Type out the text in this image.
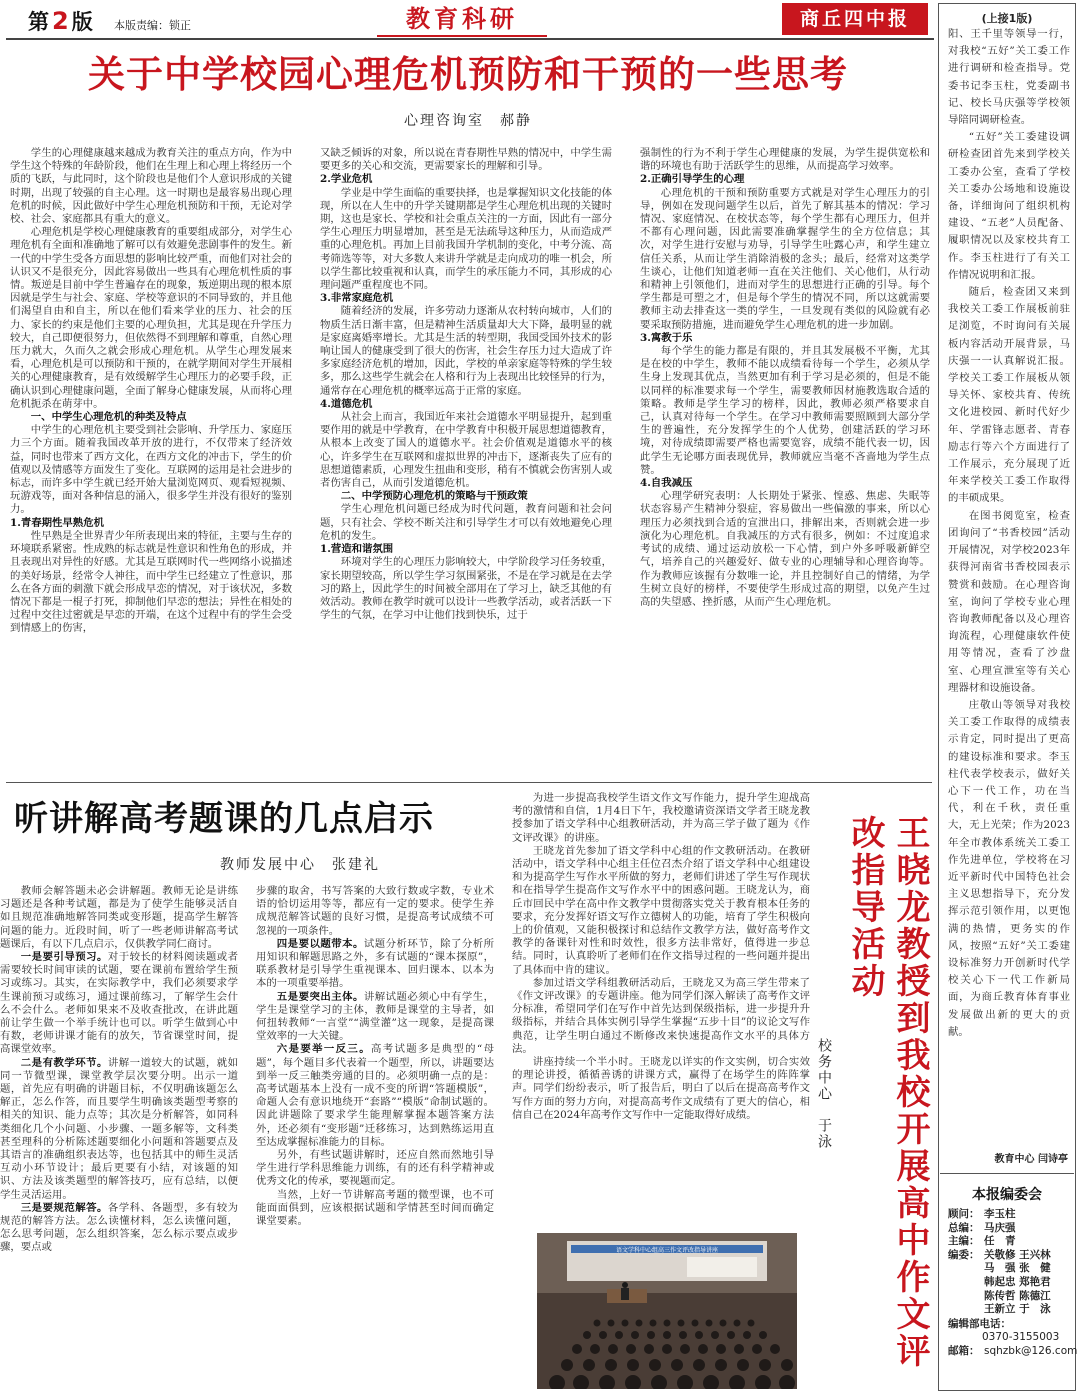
第 2 版 本版责编：锁正	教育科研	商丘四中报	(上接1版)

阳、王千里等领导一行，对我校“五好”关工委工作进行调研和检查指导。党委书记李玉柱，党委副书记、校长马庆强等学校领导陪同调研检查。

“五好”关工委建设调研检查团首先来到学校关工委办公室，查看了学校关工委办公场地和设施设备，详细询问了组织机构建设、“五老”人员配备、履职情况以及家校共育工作。李玉柱进行了有关工作情况说明和汇报。

随后，检查团又来到我校关工委工作展板前驻足浏览，不时询问有关展板内容活动开展背景，马庆强一一认真解说汇报。学校关工委工作展板从领导关怀、家校共育、传统文化进校园、新时代好少年、学雷锋志愿者、青春励志行等六个方面进行了工作展示，充分展现了近年来学校关工委工作取得的丰硕成果。

在图书阅览室，检查团询问了“书香校园”活动开展情况，对学校2023年获得河南省书香校园表示赞赏和鼓励。在心理咨询室，询问了学校专业心理咨询教师配备以及心理咨询流程，心理健康软件使用等情况，查看了沙盘室、心理宣泄室等有关心理器材和设施设备。

庄敬山等领导对我校关工委工作取得的成绩表示肯定，同时提出了更高的建设标准和要求。李玉柱代表学校表示，做好关心下一代工作，功在当代，利在千秋，责任重大，无上光荣；作为2023年全市教体系统关工委工作先进单位，学校将在习近平新时代中国特色社会主义思想指导下，充分发挥示范引领作用，以更饱满的热情，更务实的作风，按照“五好”关工委建设标准努力开创新时代学校关心下一代工作新局面，为商丘教育体育事业发展做出新的更大的贡献。

教育中心 闫诗亭
本报编委会
顾问： 李玉柱
总编： 马庆强
主编： 任　青
编委： 关敬修 王兴林
马　强 张　健
韩起忠 郑艳君
陈传哲 陈德江
王新立 于　泳
编辑部电话：
0370-3155003
邮箱： sqhzbk@126.com
关于中学校园心理危机预防和干预的一些思考
心理咨询室　郝静

学生的心理健康越来越成为教育关注的重点方向，作为中学生这个特殊的年龄阶段，他们在生理上和心理上将经历一个质的飞跃，与此同时，这个阶段也是他们个人意识形成的关键时期，出现了较强的自主心理。这一时期也是最容易出现心理危机的时候，因此做好中学生心理危机预防和干预，无论对学校、社会、家庭都具有重大的意义。

心理危机是学校心理健康教育的重要组成部分，对学生心理危机有全面和准确地了解可以有效避免悲剧事件的发生。新一代的中学生受各方面思想的影响比较严重，而他们对社会的认识又不是很充分，因此容易做出一些具有心理危机性质的事情。叛逆是目前中学生普遍存在的现象，叛逆期出现的根本原因就是学生与社会、家庭、学校等意识的不同导致的，并且他们渴望自由和自主，所以在他们看来学业的压力、社会的压力、家长的约束是他们主要的心理负担，尤其是现在升学压力较大，自己即便很努力，但依然得不到理解和尊重，自然心理压力就大，久而久之就会形成心理危机。从学生心理发展来看，心理危机是可以预防和干预的，在就学期间对学生开展相关的心理健康教育，是有效缓解学生心理压力的必要手段，正确认识到心理健康问题，全面了解身心健康发展，从而将心理危机扼杀在萌芽中。

一、中学生心理危机的种类及特点

中学生的心理危机主要受到社会影响、升学压力、家庭压力三个方面。随着我国改革开放的进行，不仅带来了经济效益，同时也带来了西方文化，在西方文化的冲击下，学生的价值观以及情感等方面发生了变化。互联网的运用是社会进步的标志，而许多中学生就已经开始大量浏览网页、观看短视频、玩游戏等，面对各种信息的涌入，很多学生并没有很好的鉴别力。

1.青春期性早熟危机

性早熟是全世界青少年所表现出来的特征，主要与生存的环境联系紧密。性成熟的标志就是性意识和性角色的形成，并且表现出对异性的好感。尤其是互联网时代一些网络小说描述的美好场景，经常令人神往，而中学生已经建立了性意识，那么在各方面的刺激下就会形成早恋的情况，对于该状况，多数情况下都是一棍子打死，抑制他们早恋的想法；异性在相处的过程中交往过密就是早恋的开端，在这个过程中有的学生会受到情感上的伤害，

又缺乏倾诉的对象，所以说在青春期性早熟的情况中，中学生需要更多的关心和交流，更需要家长的理解和引导。

2.学业危机

学业是中学生面临的重要抉择，也是掌握知识文化技能的体现，所以在人生中的升学关键期都是学生心理危机出现的关键时期，这也是家长、学校和社会重点关注的一方面，因此有一部分学生心理压力明显增加，甚至是无法疏导这种压力，从而造成严重的心理危机。再加上目前我国升学机制的变化，中考分流、高考筛选等等，对大多数人来讲升学就是走向成功的唯一机会，所以学生都比较重视和认真，而学生的承压能力不同，其形成的心理问题严重程度也不同。

3.非常家庭危机

随着经济的发展，许多劳动力逐渐从农村转向城市，人们的物质生活日渐丰富，但是精神生活质量却大大下降，最明显的就是家庭离婚率增长。尤其是生活的转型期，我国受国外技术的影响让国人的健康受到了很大的伤害，社会生存压力过大造成了许多家庭经济危机的增加，因此，学校的单亲家庭等特殊的学生较多，那么这些学生就会在人格和行为上表现出比较怪异的行为，通常存在心理危机的概率远高于正常的家庭。

4.道德危机

从社会上而言，我国近年来社会道德水平明显提升，起到重要作用的就是中学教育，在中学教育中积极开展思想道德教育，从根本上改变了国人的道德水平。社会价值观是道德水平的核心，许多学生在互联网和虚拟世界的冲击下，逐渐丧失了应有的思想道德素质，心理发生扭曲和变形，稍有不慎就会伤害别人或者伤害自己，从而引发道德危机。

二、中学预防心理危机的策略与干预政策

学生心理危机问题已经成为时代问题，教育问题和社会问题，只有社会、学校不断关注和引导学生才可以有效地避免心理危机的发生。

1.营造和谐氛围

环境对学生的心理压力影响较大，中学阶段学习任务较重，家长期望较高，所以学生学习氛围紧张，不是在学习就是在去学习的路上，因此学生的时间被全部用在了学习上，缺乏其他的有效活动。教师在教学时就可以设计一些教学活动，或者活跃一下学生的气氛，在学习中让他们找到快乐，过于

强制性的行为不利于学生心理健康的发展，为学生提供宽松和谐的环境也有助于活跃学生的思维，从而提高学习效率。

2.正确引导学生的心理

心理危机的干预和预防重要方式就是对学生心理压力的引导，例如在发现问题学生以后，首先了解其基本的情况：学习情况、家庭情况、在校状态等，每个学生都有心理压力，但并不都有心理问题，因此需要准确掌握学生的全方位信息；其次，对学生进行安慰与劝导，引导学生吐露心声，和学生建立信任关系，从而让学生消除消极的念头；最后，经常对这类学生谈心，让他们知道老师一直在关注他们、关心他们，从行动和精神上引领他们，进而对学生的思想进行正确的引导。每个学生都是可塑之才，但是每个学生的情况不同，所以这就需要教师主动去排查这一类的学生，一旦发现有类似的风险就有必要采取预防措施，进而避免学生心理危机的进一步加剧。

3.寓教于乐

每个学生的能力都是有限的，并且其发展极不平衡，尤其是在校的中学生，教师不能以成绩看待每一个学生，必须从学生身上发现其优点，当然更加有利于学习是必须的，但是不能以同样的标准要求每一个学生，需要教师因材施教选取合适的策略。教师是学生学习的榜样，因此，教师必须严格要求自己，认真对待每一个学生。在学习中教师需要照顾到大部分学生的普遍性，充分发挥学生的个人优势，创建活跃的学习环境，对待成绩即需要严格也需要宽容，成绩不能代表一切，因此学生无论哪方面表现优异，教师就应当毫不吝啬地为学生点赞。

4.自我减压

心理学研究表明：人长期处于紧张、惶惑、焦虑、失眠等状态容易产生精神分裂症，容易做出一些偏激的事来，所以心理压力必须找到合适的宣泄出口，排解出来，否则就会进一步演化为心理危机。自我减压的方式有很多，例如：不过度追求考试的成绩、通过运动放松一下心情，到户外多呼吸新鲜空气，培养自己的兴趣爱好、做专业的心理辅导和心理咨询等。作为教师应该握有分数唯一论，并且控制好自己的情绪，为学生树立良好的榜样，不要使学生形成过高的期望，以免产生过高的失望感、挫折感，从而产生心理危机。

听讲解高考题课的几点启示
教师发展中心　张建礼

教师会解答题未必会讲解题。教师无论是讲练习题还是各种考试题，都是为了使学生能够灵活自如且规范准确地解答同类或变形题，提高学生解答问题的能力。近段时间，听了一些老师讲解高考试题课后，有以下几点启示，仅供教学同仁商讨。

一是要引导预习。对于较长的材料阅读题或者需要较长时间审读的试题，要在课前布置给学生预习或练习。其实，在实际教学中，我们必须要求学生课前预习或练习，通过课前练习，了解学生会什么不会什么。老师如果来不及收查批改，在讲此题前让学生做一个举手统计也可以。听学生做到心中有数，老师讲课才能有的放矢，节省课堂时间，提高课堂效率。

二是有教学环节。讲解一道较大的试题，就如同一节微型课，课堂教学层次要分明。出示一道题，首先应有明确的讲题目标，不仅明确该题怎么解正，怎么作答，而且要学生明确该类题型考察的相关的知识、能力点等；其次是分析解答，如同科类细化几个小问题、小步骤、一题多解等，文科类甚至理科的分析陈述题要细化小问题和答题要点及其语言的准确组织表达等，也包括其中的师生灵活互动小环节设计；最后更要有小结，对该题的知识、方法及该类题型的解答技巧，应有总结，以便学生灵活运用。

三是要规范解答。各学科、各题型，多有较为规范的解答方法。怎么读懂材料，怎么读懂问题，怎么思考问题，怎么组织答案，怎么标示要点或步骤，要点或

步骤的取舍，书写答案的大致行数或字数，专业术语的恰切运用等等，都应有一定的要求。使学生养成规范解答试题的良好习惯，是提高考试成绩不可忽视的一项条件。

四是要以题带本。试题分析环节，除了分析所用知识和解题思路之外，多有试题的“课本探原”，联系教材是引导学生重视课本、回归课本、以本为本的一项重要举措。

五是要突出主体。讲解试题必须心中有学生，学生是课堂学习的主体，教师是课堂的主导者，如何扭转教师“一言堂”“满堂灌”这一现象，是提高课堂效率的一大关键。

六是要举一反三。高考试题多是典型的“母题”，每个题目多代表着一个题型，所以，讲题要达到举一反三触类旁通的目的。必须明确一点的是：高考试题基本上没有一成不变的所谓“答题模版”，命题人会有意识地绕开“套路”“模版”命制试题的。因此讲题除了要求学生能理解掌握本题答案方法外，还必须有“变形题”迁移练习，达到熟练运用直至达成掌握标准能力的目标。

另外，有些试题讲解时，还应自然而然地引导学生进行学科思维能力训练，有的还有科学精神或优秀文化的传承，要视题而定。

当然，上好一节讲解高考题的微型课，也不可能面面俱到，应该根据试题和学情甚至时间而确定课堂要素。

为进一步提高我校学生语文作文写作能力，提升学生迎战高考的激情和自信，1月4日下午，我校邀请资深语文学者王晓龙教授参加了语文学科中心组教研活动，并为高三学子做了题为《作文评改课》的讲座。

王晓龙首先参加了语文学科中心组的作文教研活动。在教研活动中，语文学科中心组主任位召杰介绍了语文学科中心组建设和为提高学生写作水平所做的努力，老师们讲述了学生写作现状和在指导学生提高作文写作水平中的困惑问题。王晓龙认为，商丘市回民中学在高中作文教学中贯彻落实党关于教育根本任务的要求，充分发挥好语文写作立德树人的功能，培育了学生积极向上的价值观，又能积极探讨和总结作文教学方法，做好高考作文教学的备课针对性和时效性，很多方法非常好，值得进一步总结。同时，认真聆听了老师们在作文指导过程的一些问题并提出了具体而中肯的建议。

参加过语文学科组教研活动后，王晓龙又为高三学生带来了《作文评改课》的专题讲座。他为同学们深入解读了高考作文评分标准，希望同学们在写作中首先达到保级指标，进一步提升升级指标，并结合具体实例引导学生掌握“五步十目”的议论文写作典范，让学生明白通过不断修改来快速提高作文水平的具体方法。

讲座持续一个半小时。王晓龙以详实的作文实例，切合实效的理论讲授，循循善诱的讲课方式，赢得了在场学生的阵阵掌声。同学们纷纷表示，听了报告后，明白了以后在提高高考作文写作方面的努力方向，对提高高考作文成绩有了更大的信心，相信自己在2024年高考作文写作中一定能取得好成绩。

语文学科中心组高三作文评改指导讲座
校务中心　于泳	王晓龙教授到我校开展高中作文评改指导活动
